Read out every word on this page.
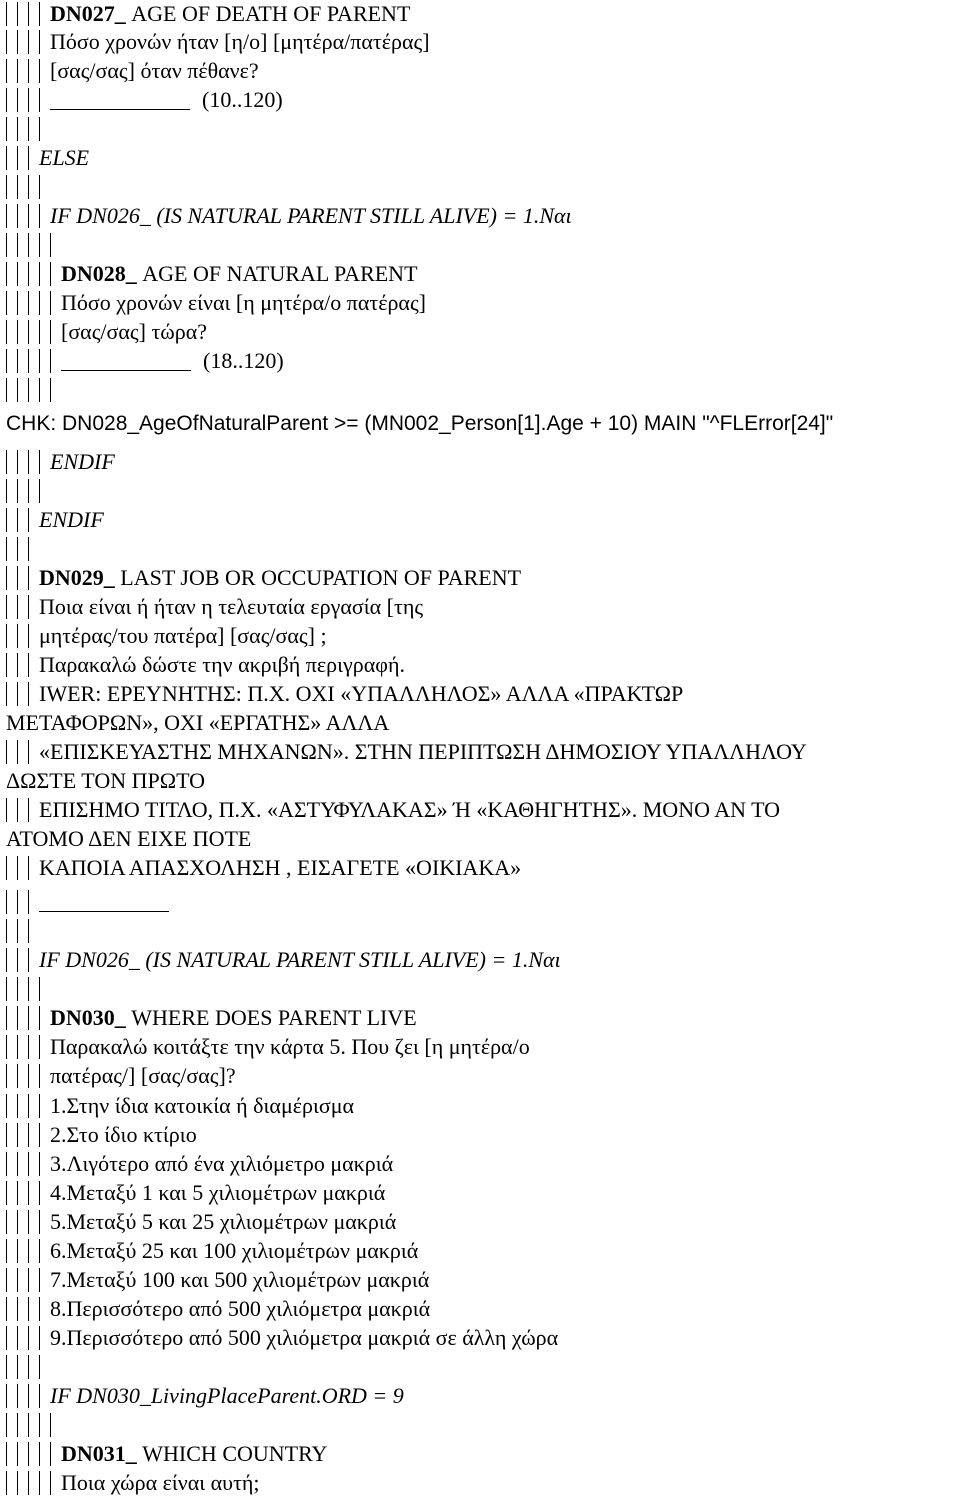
DN027_
AGE OF DEATH OF PARENT
Πόσο χρονών ήταν [η/ο] [μητέρα/πατέρας]
[σας/σας] όταν πέθανε?
(10..120)
ELSE
IF DN026_ (IS NATURAL PARENT STILL ALIVE) = 1.Ναι
DN028_
AGE OF NATURAL PARENT
Πόσο χρονών είναι [η μητέρα/ο πατέρας]
[σας/σας] τώρα?
(18..120)
CHK: DN028_AgeOfNaturalParent >= (MN002_Person[1].Age + 10) MAIN "^FLError[24]"
ENDIF
ENDIF
DN029_
LAST JOB OR OCCUPATION OF PARENT
Ποια είναι ή ήταν η τελευταία εργασία [της
μητέρας/του πατέρα] [σας/σας] ;
Παρακαλώ δώστε την ακριβή περιγραφή.
IWER: ΕΡΕΥΝΗΤΗΣ: Π.Χ. ΟΧΙ «ΥΠΑΛΛΗΛΟΣ» ΑΛΛΑ «ΠΡΑΚΤΩΡ
ΜΕΤΑΦΟΡΩΝ», ΟΧΙ «ΕΡΓΑΤΗΣ» ΑΛΛΑ
«ΕΠΙΣΚΕΥΑΣΤΗΣ ΜΗΧΑΝΩΝ». ΣΤΗΝ ΠΕΡΙΠΤΩΣΗ ΔΗΜΟΣΙΟΥ ΥΠΑΛΛΗΛΟΥ
ΔΩΣΤΕ ΤΟΝ ΠΡΩΤΟ
ΕΠΙΣΗΜΟ ΤΙΤΛΟ, Π.Χ. «ΑΣΤΥΦΥΛΑΚΑΣ» Ή «ΚΑΘΗΓΗΤΗΣ». ΜΟΝΟ ΑΝ ΤΟ
ΑΤΟΜΟ ΔΕΝ ΕΙΧΕ ΠΟΤΕ
ΚΑΠΟΙΑ ΑΠΑΣΧΟΛΗΣΗ , ΕΙΣΑΓΕΤΕ «ΟΙΚΙΑΚΑ»
IF DN026_ (IS NATURAL PARENT STILL ALIVE) = 1.Ναι
DN030_
WHERE DOES PARENT LIVE
Παρακαλώ κοιτάξτε την κάρτα 5. Που ζει [η μητέρα/ο
πατέρας/] [σας/σας]?
1.Στην ίδια κατοικία ή διαμέρισμα
2.Στο ίδιο κτίριο
3.Λιγότερο από ένα χιλιόμετρο μακριά
4.Μεταξύ 1 και 5 χιλιομέτρων μακριά
5.Μεταξύ 5 και 25 χιλιομέτρων μακριά
6.Μεταξύ 25 και 100 χιλιομέτρων μακριά
7.Μεταξύ 100 και 500 χιλιομέτρων μακριά
8.Περισσότερο από 500 χιλιόμετρα μακριά
9.Περισσότερο από 500 χιλιόμετρα μακριά σε άλλη χώρα
IF DN030_LivingPlaceParent.ORD = 9
DN031_
WHICH COUNTRY
Ποια χώρα είναι αυτή;
